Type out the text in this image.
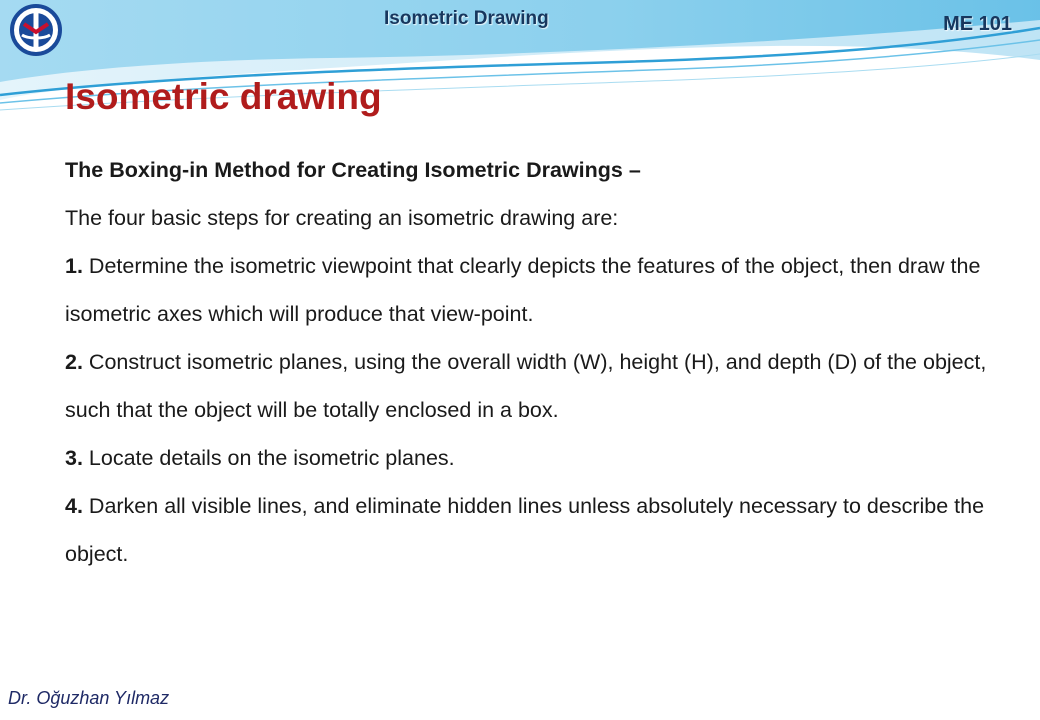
Isometric Drawing	ME 101
Isometric drawing

The Boxing-in Method for Creating Isometric Drawings –

The four basic steps for creating an isometric drawing are:

1. Determine the isometric viewpoint that clearly depicts the features of the object, then draw the isometric axes which will produce that view-point.

2. Construct isometric planes, using the overall width (W), height (H), and depth (D) of the object, such that the object will be totally enclosed in a box.

3. Locate details on the isometric planes.

4. Darken all visible lines, and eliminate hidden lines unless absolutely necessary to describe the object.

Dr. Oğuzhan Yılmaz
